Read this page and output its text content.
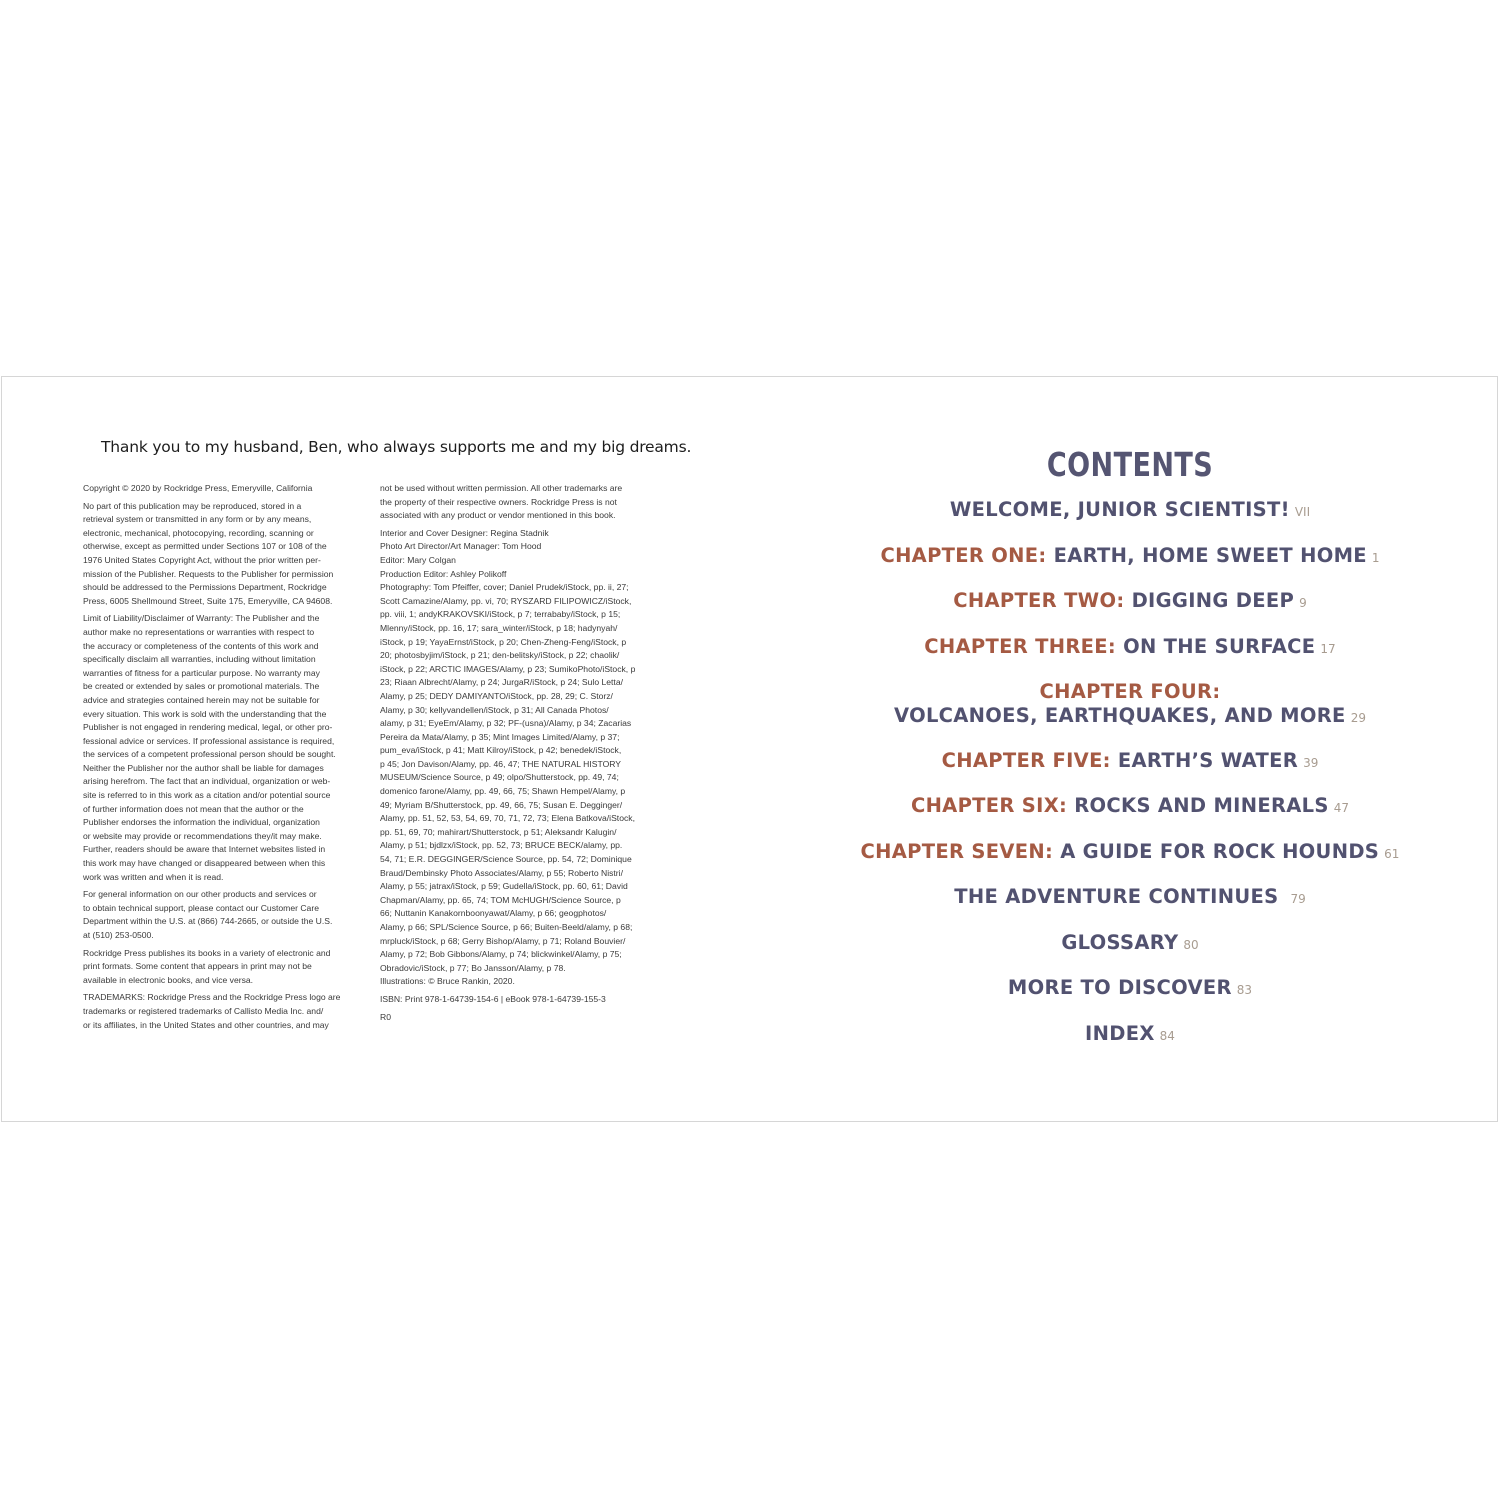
Thank you to my husband, Ben, who always supports me and my big dreams.

Copyright © 2020 by Rockridge Press, Emeryville, California

No part of this publication may be reproduced, stored in a
retrieval system or transmitted in any form or by any means,
electronic, mechanical, photocopying, recording, scanning or
otherwise, except as permitted under Sections 107 or 108 of the
1976 United States Copyright Act, without the prior written per-
mission of the Publisher. Requests to the Publisher for permission
should be addressed to the Permissions Department, Rockridge
Press, 6005 Shellmound Street, Suite 175, Emeryville, CA 94608.

Limit of Liability/Disclaimer of Warranty: The Publisher and the
author make no representations or warranties with respect to
the accuracy or completeness of the contents of this work and
specifically disclaim all warranties, including without limitation
warranties of fitness for a particular purpose. No warranty may
be created or extended by sales or promotional materials. The
advice and strategies contained herein may not be suitable for
every situation. This work is sold with the understanding that the
Publisher is not engaged in rendering medical, legal, or other pro-
fessional advice or services. If professional assistance is required,
the services of a competent professional person should be sought.
Neither the Publisher nor the author shall be liable for damages
arising herefrom. The fact that an individual, organization or web-
site is referred to in this work as a citation and/or potential source
of further information does not mean that the author or the
Publisher endorses the information the individual, organization
or website may provide or recommendations they/it may make.
Further, readers should be aware that Internet websites listed in
this work may have changed or disappeared between when this
work was written and when it is read.

For general information on our other products and services or
to obtain technical support, please contact our Customer Care
Department within the U.S. at (866) 744-2665, or outside the U.S.
at (510) 253-0500.

Rockridge Press publishes its books in a variety of electronic and
print formats. Some content that appears in print may not be
available in electronic books, and vice versa.

TRADEMARKS: Rockridge Press and the Rockridge Press logo are
trademarks or registered trademarks of Callisto Media Inc. and/
or its affiliates, in the United States and other countries, and may

not be used without written permission. All other trademarks are
the property of their respective owners. Rockridge Press is not
associated with any product or vendor mentioned in this book.

Interior and Cover Designer: Regina Stadnik
Photo Art Director/Art Manager: Tom Hood
Editor: Mary Colgan
Production Editor: Ashley Polikoff
Photography: Tom Pfeiffer, cover; Daniel Prudek/iStock, pp. ii, 27;
Scott Camazine/Alamy, pp. vi, 70; RYSZARD FILIPOWICZ/iStock,
pp. viii, 1; andyKRAKOVSKI/iStock, p 7; terrababy/iStock, p 15;
Mlenny/iStock, pp. 16, 17; sara_winter/iStock, p 18; hadynyah/
iStock, p 19; YayaErnst/iStock, p 20; Chen-Zheng-Feng/iStock, p
20; photosbyjim/iStock, p 21; den-belitsky/iStock, p 22; chaolik/
iStock, p 22; ARCTIC IMAGES/Alamy, p 23; SumikoPhoto/iStock, p
23; Riaan Albrecht/Alamy, p 24; JurgaR/iStock, p 24; Sulo Letta/
Alamy, p 25; DEDY DAMIYANTO/iStock, pp. 28, 29; C. Storz/
Alamy, p 30; kellyvandellen/iStock, p 31; All Canada Photos/
alamy, p 31; EyeEm/Alamy, p 32; PF-(usna)/Alamy, p 34; Zacarias
Pereira da Mata/Alamy, p 35; Mint Images Limited/Alamy, p 37;
pum_eva/iStock, p 41; Matt Kilroy/iStock, p 42; benedek/iStock,
p 45; Jon Davison/Alamy, pp. 46, 47; THE NATURAL HISTORY
MUSEUM/Science Source, p 49; olpo/Shutterstock, pp. 49, 74;
domenico farone/Alamy, pp. 49, 66, 75; Shawn Hempel/Alamy, p
49; Myriam B/Shutterstock, pp. 49, 66, 75; Susan E. Degginger/
Alamy, pp. 51, 52, 53, 54, 69, 70, 71, 72, 73; Elena Batkova/iStock,
pp. 51, 69, 70; mahirart/Shutterstock, p 51; Aleksandr Kalugin/
Alamy, p 51; bjdlzx/iStock, pp. 52, 73; BRUCE BECK/alamy, pp.
54, 71; E.R. DEGGINGER/Science Source, pp. 54, 72; Dominique
Braud/Dembinsky Photo Associates/Alamy, p 55; Roberto Nistri/
Alamy, p 55; jatrax/iStock, p 59; Gudella/iStock, pp. 60, 61; David
Chapman/Alamy, pp. 65, 74; TOM McHUGH/Science Source, p
66; Nuttanin Kanakornboonyawat/Alamy, p 66; geogphotos/
Alamy, p 66; SPL/Science Source, p 66; Buiten-Beeld/alamy, p 68;
mrpluck/iStock, p 68; Gerry Bishop/Alamy, p 71; Roland Bouvier/
Alamy, p 72; Bob Gibbons/Alamy, p 74; blickwinkel/Alamy, p 75;
Obradovic/iStock, p 77; Bo Jansson/Alamy, p 78.
Illustrations: © Bruce Rankin, 2020.

ISBN: Print 978-1-64739-154-6 | eBook 978-1-64739-155-3

R0

CONTENTS
WELCOME, JUNIOR SCIENTIST! VII
CHAPTER ONE: EARTH, HOME SWEET HOME 1
CHAPTER TWO: DIGGING DEEP 9
CHAPTER THREE: ON THE SURFACE 17
CHAPTER FOUR:
VOLCANOES, EARTHQUAKES, AND MORE 29
CHAPTER FIVE: EARTH’S WATER 39
CHAPTER SIX: ROCKS AND MINERALS 47
CHAPTER SEVEN: A GUIDE FOR ROCK HOUNDS 61
THE ADVENTURE CONTINUES 79
GLOSSARY 80
MORE TO DISCOVER 83
INDEX 84
